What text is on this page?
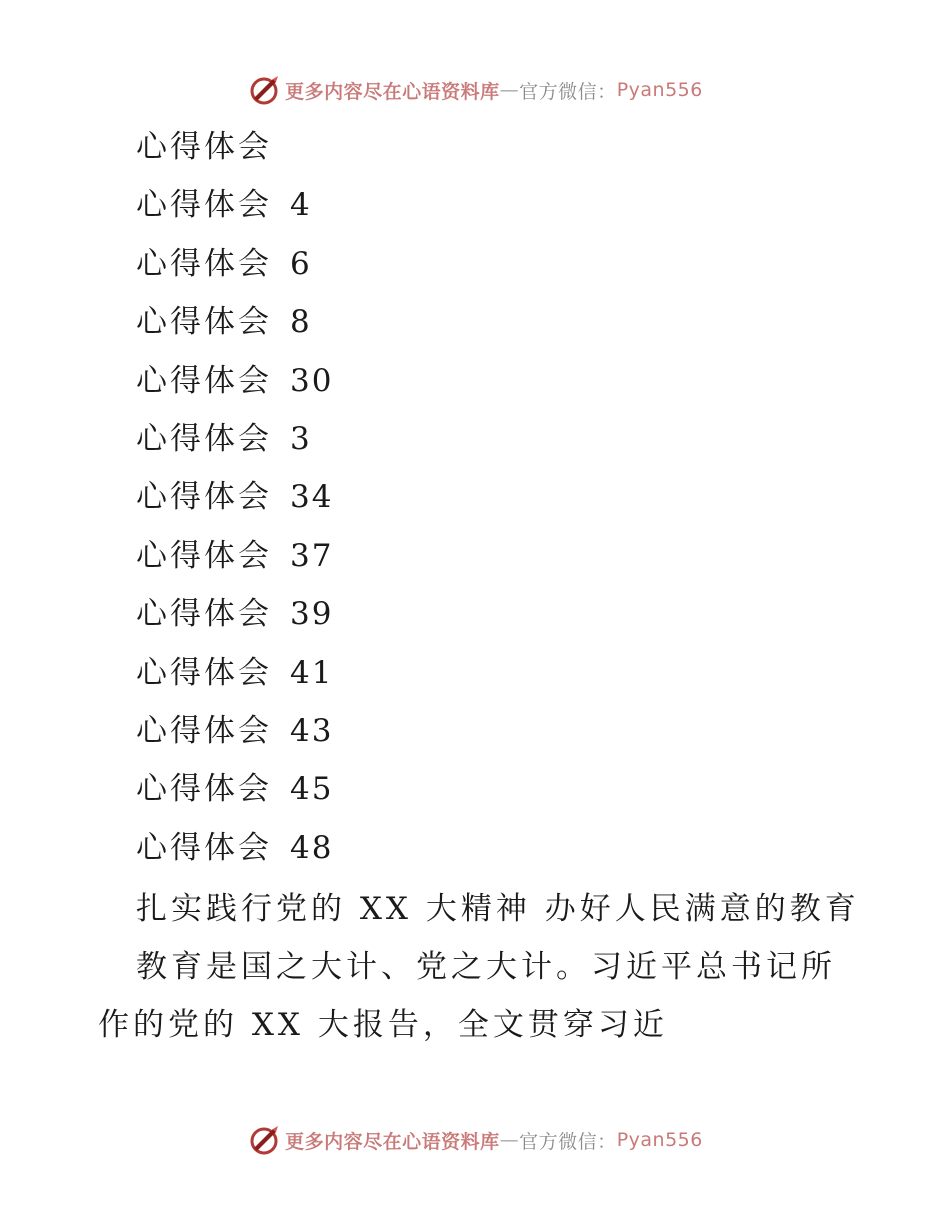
更多内容尽在心语资料库 — 官方微信： Pyan556
心得体会
心得体会 4
心得体会 6
心得体会 8
心得体会 30
心得体会 3
心得体会 34
心得体会 37
心得体会 39
心得体会 41
心得体会 43
心得体会 45
心得体会 48

扎实践行党的 XX 大精神 办好人民满意的教育

教育是国之大计、党之大计。习近平总书记所作的党的 XX 大报告，全文贯穿习近

更多内容尽在心语资料库 — 官方微信： Pyan556
